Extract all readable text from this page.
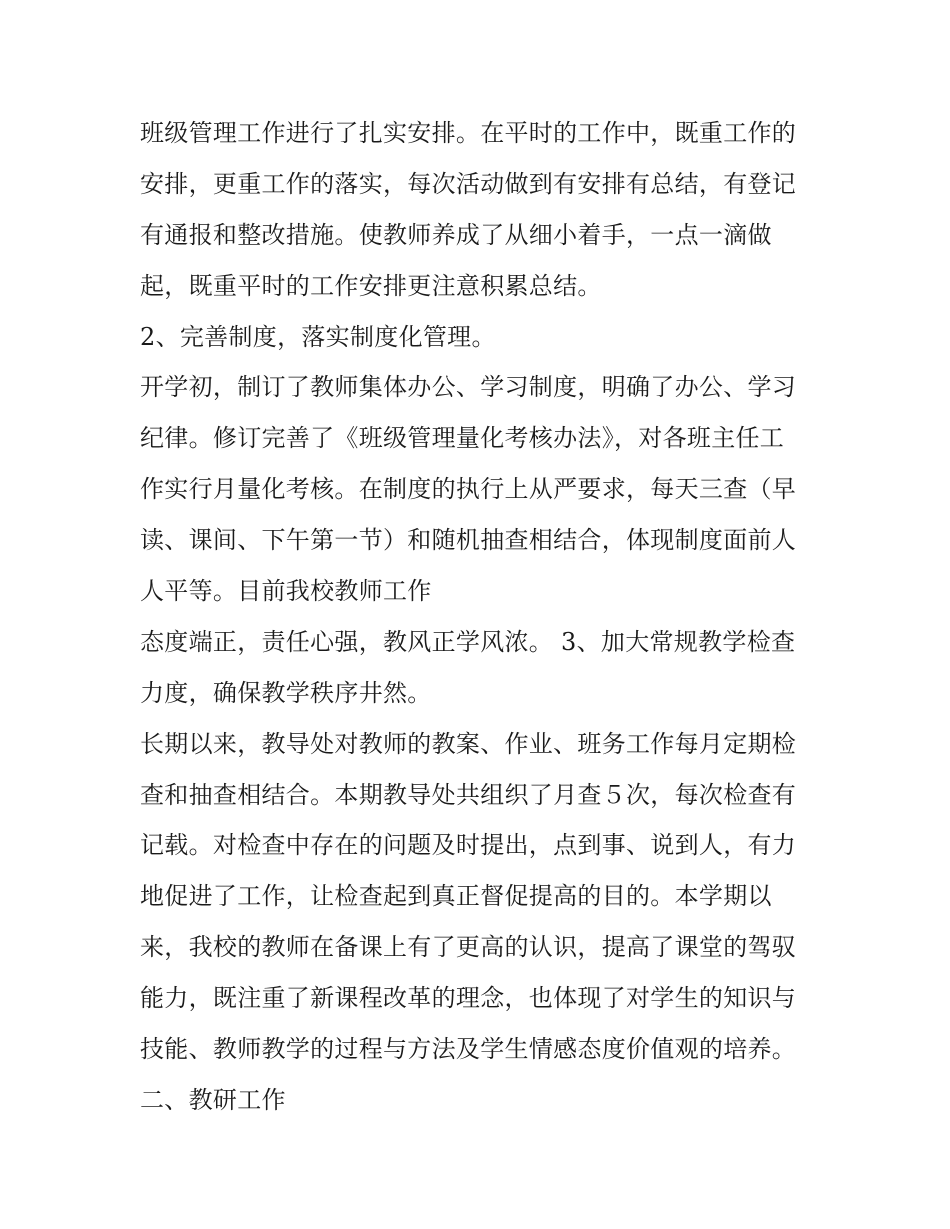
班级管理工作进行了扎实安排。在平时的工作中，既重工作的
安排，更重工作的落实，每次活动做到有安排有总结，有登记
有通报和整改措施。使教师养成了从细小着手，一点一滴做
起，既重平时的工作安排更注意积累总结。
2、完善制度，落实制度化管理。
开学初，制订了教师集体办公、学习制度，明确了办公、学习
纪律。修订完善了《班级管理量化考核办法》，对各班主任工
作实行月量化考核。在制度的执行上从严要求，每天三查（早
读、课间、下午第一节）和随机抽查相结合，体现制度面前人
人平等。目前我校教师工作
态度端正，责任心强，教风正学风浓。 3、加大常规教学检查
力度，确保教学秩序井然。
长期以来，教导处对教师的教案、作业、班务工作每月定期检
查和抽查相结合。本期教导处共组织了月查５次，每次检查有
记载。对检查中存在的问题及时提出，点到事、说到人，有力
地促进了工作，让检查起到真正督促提高的目的。本学期以
来，我校的教师在备课上有了更高的认识，提高了课堂的驾驭
能力，既注重了新课程改革的理念，也体现了对学生的知识与
技能、教师教学的过程与方法及学生情感态度价值观的培养。
二、教研工作
